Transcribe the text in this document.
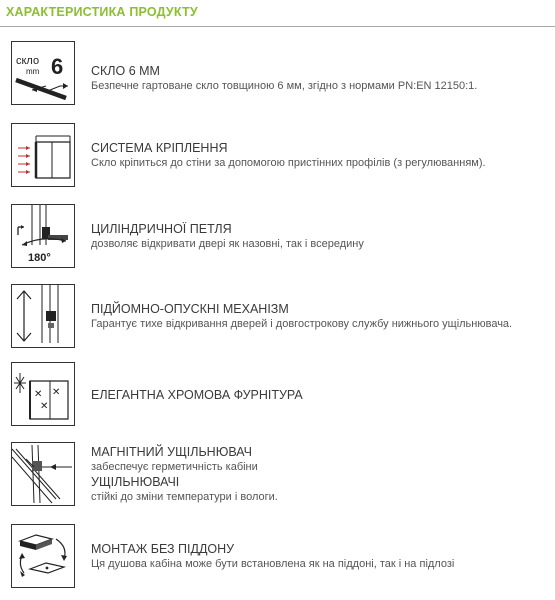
ХАРАКТЕРИСТИКА ПРОДУКТУ
скло
mm 6 СКЛО 6 ММ
Безпечне гартоване скло товщиною 6 мм, згідно з нормами PN:EN 12150:1.
СИСТЕМА КРІПЛЕННЯ
Скло кріпиться до стіни за допомогою пристінних профілів (з регулюванням).
180°
ЦИЛІНДРИЧНОЇ ПЕТЛЯ
дозволяє відкривати двері як назовні, так і всередину
ПІДЙОМНО-ОПУСКНІ МЕХАНІЗМ
Гарантує тихе відкривання дверей і довгострокову службу нижнього ущільнювача.
✕ ✕
✕
ЕЛЕГАНТНА ХРОМОВА ФУРНІТУРА
МАГНІТНИЙ УЩІЛЬНЮВАЧ
забеспечує герметичність кабіни
УЩІЛЬНЮВАЧІ
стійкі до зміни температури і вологи.
МОНТАЖ БЕЗ ПІДДОНУ
Ця душова кабіна може бути встановлена як на піддоні, так і на підлозі
